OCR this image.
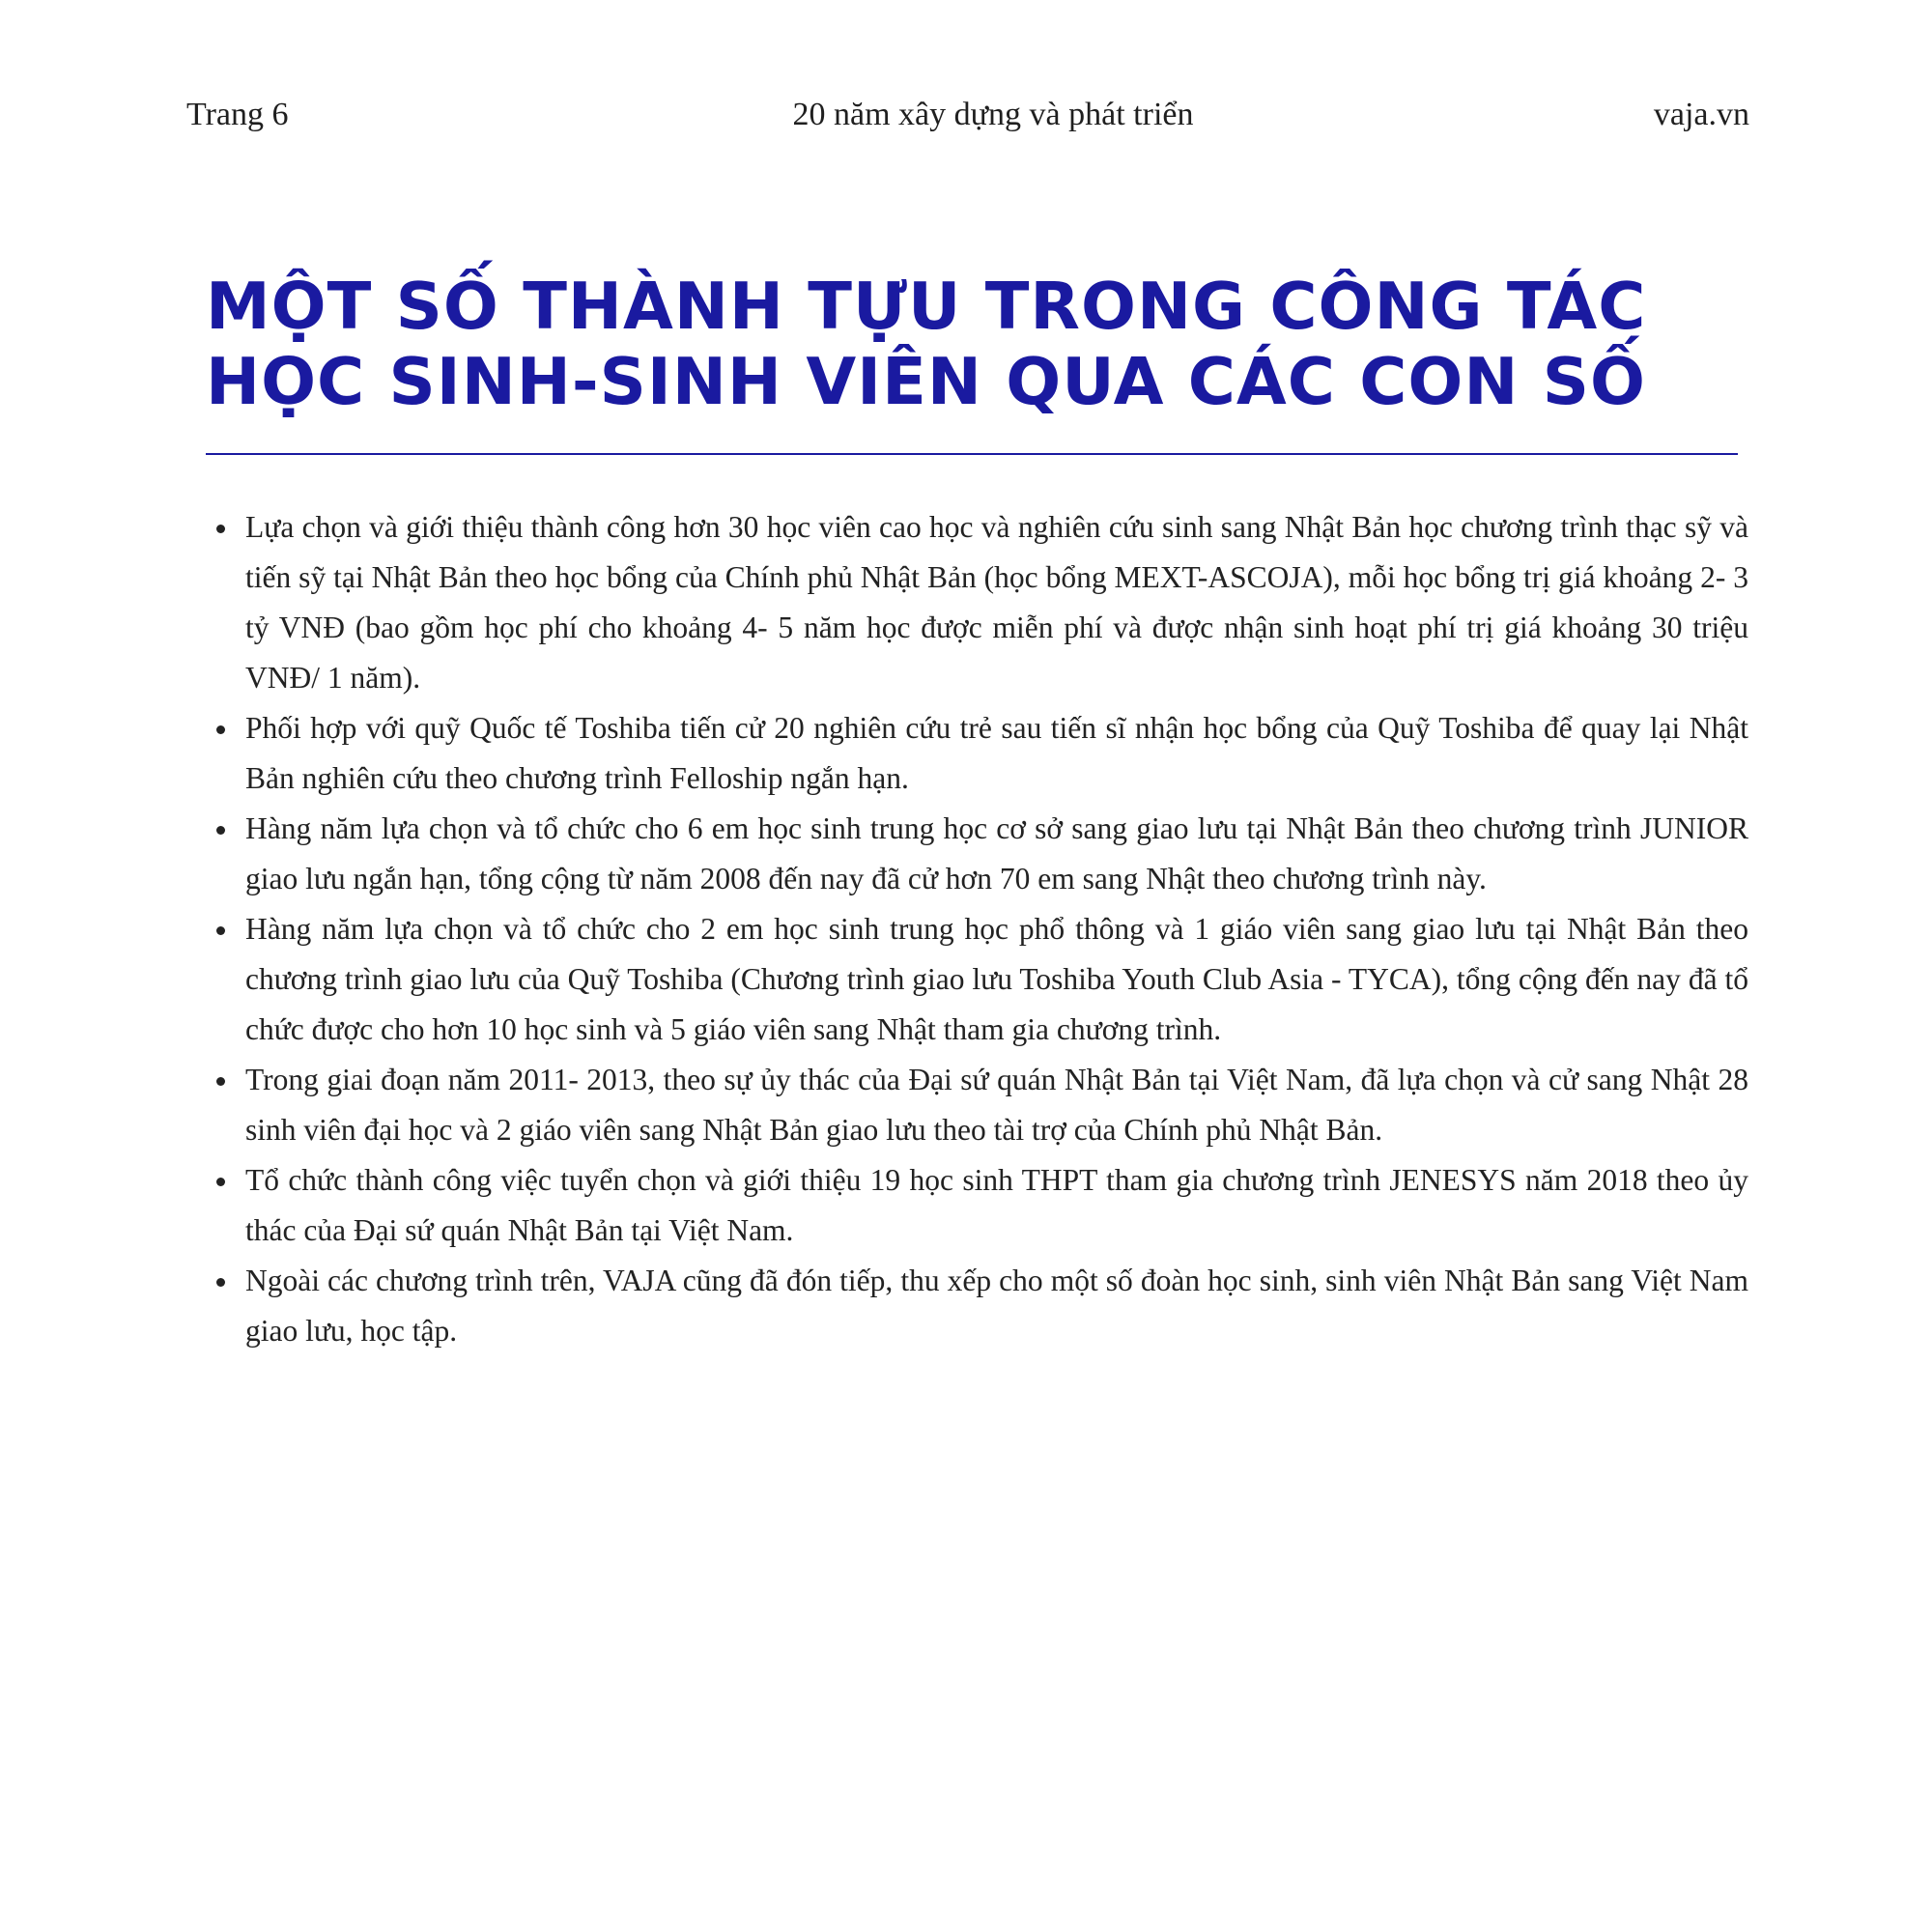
Trang 6	20 năm xây dựng và phát triển	vaja.vn
MỘT SỐ THÀNH TỰU TRONG CÔNG TÁC
HỌC SINH-SINH VIÊN QUA CÁC CON SỐ
Lựa chọn và giới thiệu thành công hơn 30 học viên cao học và nghiên cứu sinh sang Nhật Bản học chương trình thạc sỹ và tiến sỹ tại Nhật Bản theo học bổng của Chính phủ Nhật Bản (học bổng MEXT-ASCOJA), mỗi học bổng trị giá khoảng 2- 3 tỷ VNĐ (bao gồm học phí cho khoảng 4- 5 năm học được miễn phí và được nhận sinh hoạt phí trị giá khoảng 30 triệu VNĐ/ 1 năm).
Phối hợp với quỹ Quốc tế Toshiba tiến cử 20 nghiên cứu trẻ sau tiến sĩ nhận học bổng của Quỹ Toshiba để quay lại Nhật Bản nghiên cứu theo chương trình Felloship ngắn hạn.
Hàng năm lựa chọn và tổ chức cho 6 em học sinh trung học cơ sở sang giao lưu tại Nhật Bản theo chương trình JUNIOR giao lưu ngắn hạn, tổng cộng từ năm 2008 đến nay đã cử hơn 70 em sang Nhật theo chương trình này.
Hàng năm lựa chọn và tổ chức cho 2 em học sinh trung học phổ thông và 1 giáo viên sang giao lưu tại Nhật Bản theo chương trình giao lưu của Quỹ Toshiba (Chương trình giao lưu Toshiba Youth Club Asia - TYCA), tổng cộng đến nay đã tổ chức được cho hơn 10 học sinh và 5 giáo viên sang Nhật tham gia chương trình.
Trong giai đoạn năm 2011- 2013, theo sự ủy thác của Đại sứ quán Nhật Bản tại Việt Nam, đã lựa chọn và cử sang Nhật 28 sinh viên đại học và 2 giáo viên sang Nhật Bản giao lưu theo tài trợ của Chính phủ Nhật Bản.
Tổ chức thành công việc tuyển chọn và giới thiệu 19 học sinh THPT tham gia chương trình JENESYS năm 2018 theo ủy thác của Đại sứ quán Nhật Bản tại Việt Nam.
Ngoài các chương trình trên, VAJA cũng đã đón tiếp, thu xếp cho một số đoàn học sinh, sinh viên Nhật Bản sang Việt Nam giao lưu, học tập.
